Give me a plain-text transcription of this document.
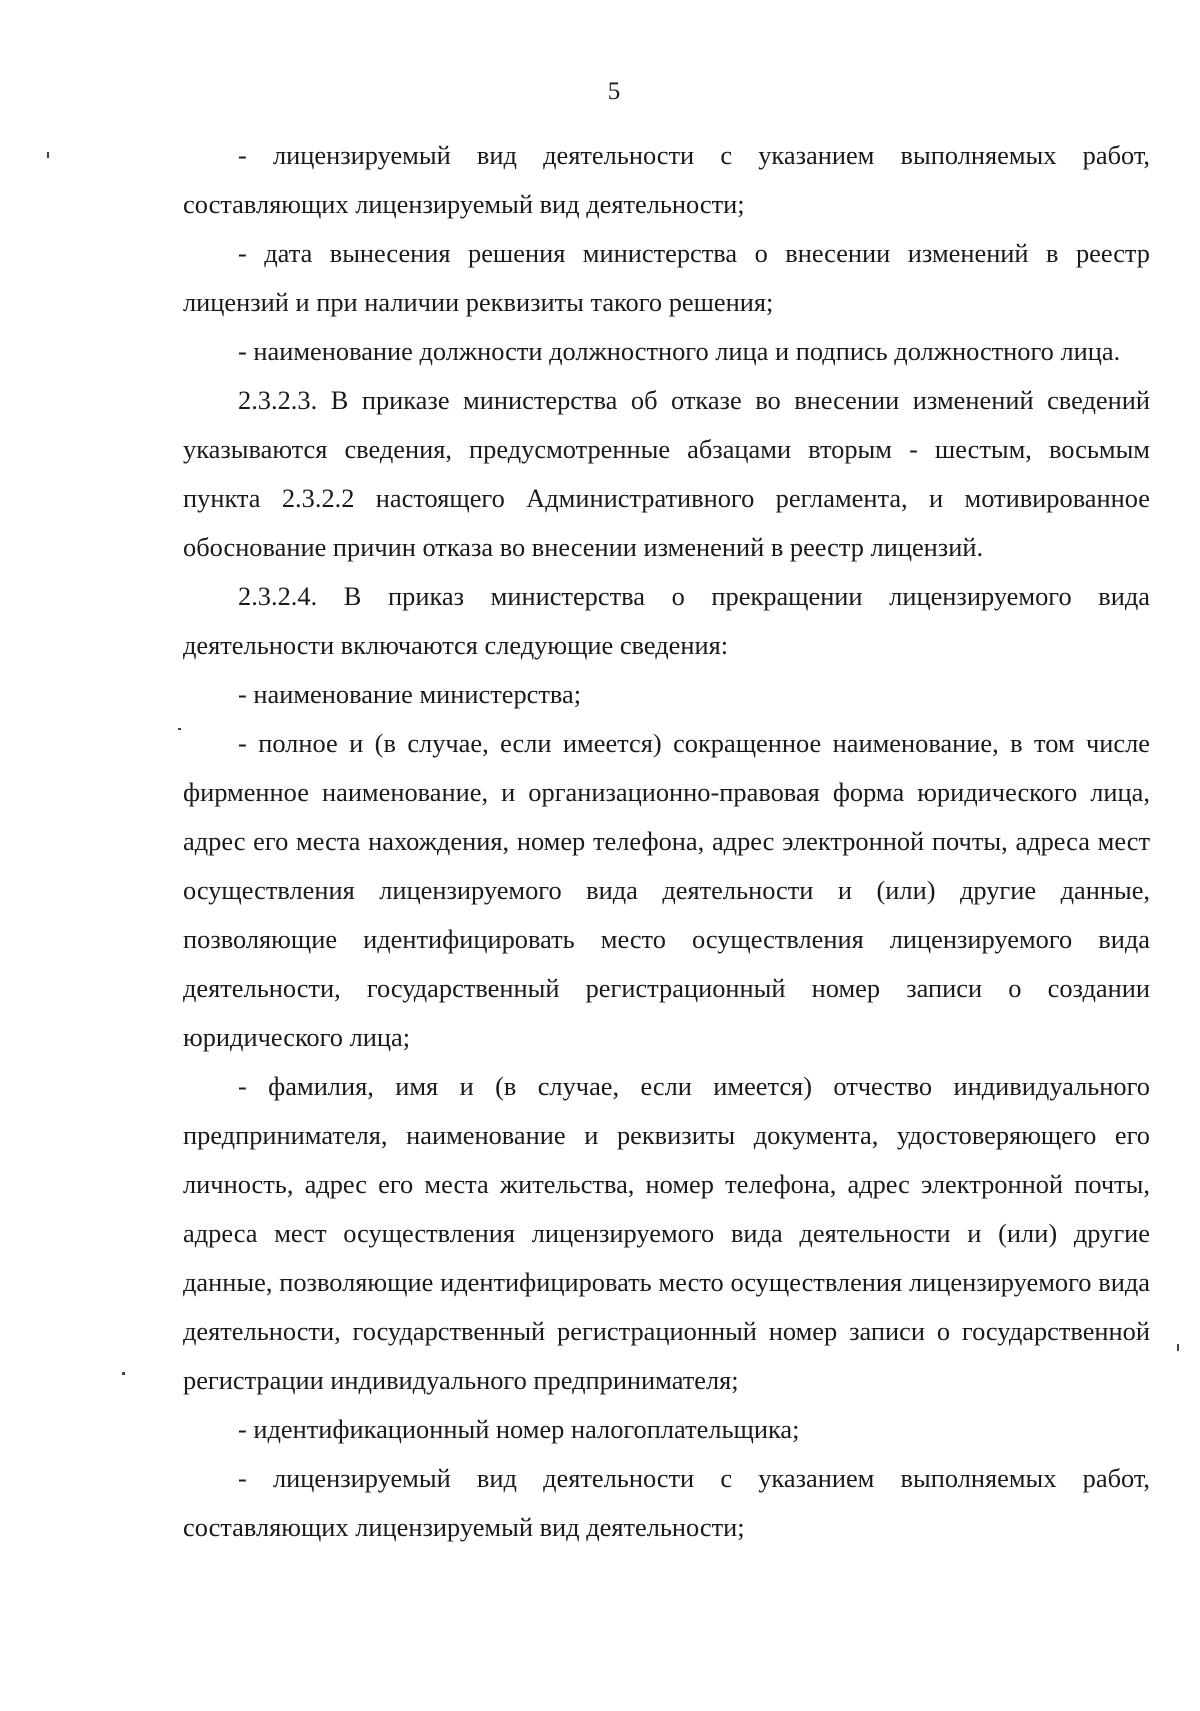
5

- лицензируемый вид деятельности с указанием выполняемых работ, составляющих лицензируемый вид деятельности;

- дата вынесения решения министерства о внесении изменений в реестр лицензий и при наличии реквизиты такого решения;

- наименование должности должностного лица и подпись должностного лица.

2.3.2.3. В приказе министерства об отказе во внесении изменений сведений указываются сведения, предусмотренные абзацами вторым - шестым, восьмым пункта 2.3.2.2 настоящего Административного регламента, и мотивированное обоснование причин отказа во внесении изменений в реестр лицензий.

2.3.2.4. В приказ министерства о прекращении лицензируемого вида деятельности включаются следующие сведения:

- наименование министерства;

- полное и (в случае, если имеется) сокращенное наименование, в том числе фирменное наименование, и организационно-правовая форма юридического лица, адрес его места нахождения, номер телефона, адрес электронной почты, адреса мест осуществления лицензируемого вида деятельности и (или) другие данные, позволяющие идентифицировать место осуществления лицензируемого вида деятельности, государственный регистрационный номер записи о создании юридического лица;

- фамилия, имя и (в случае, если имеется) отчество индивидуального предпринимателя, наименование и реквизиты документа, удостоверяющего его личность, адрес его места жительства, номер телефона, адрес электронной почты, адреса мест осуществления лицензируемого вида деятельности и (или) другие данные, позволяющие идентифицировать место осуществления лицензируемого вида деятельности, государственный регистрационный номер записи о государственной регистрации индивидуального предпринимателя;

- идентификационный номер налогоплательщика;

- лицензируемый вид деятельности с указанием выполняемых работ, составляющих лицензируемый вид деятельности;
